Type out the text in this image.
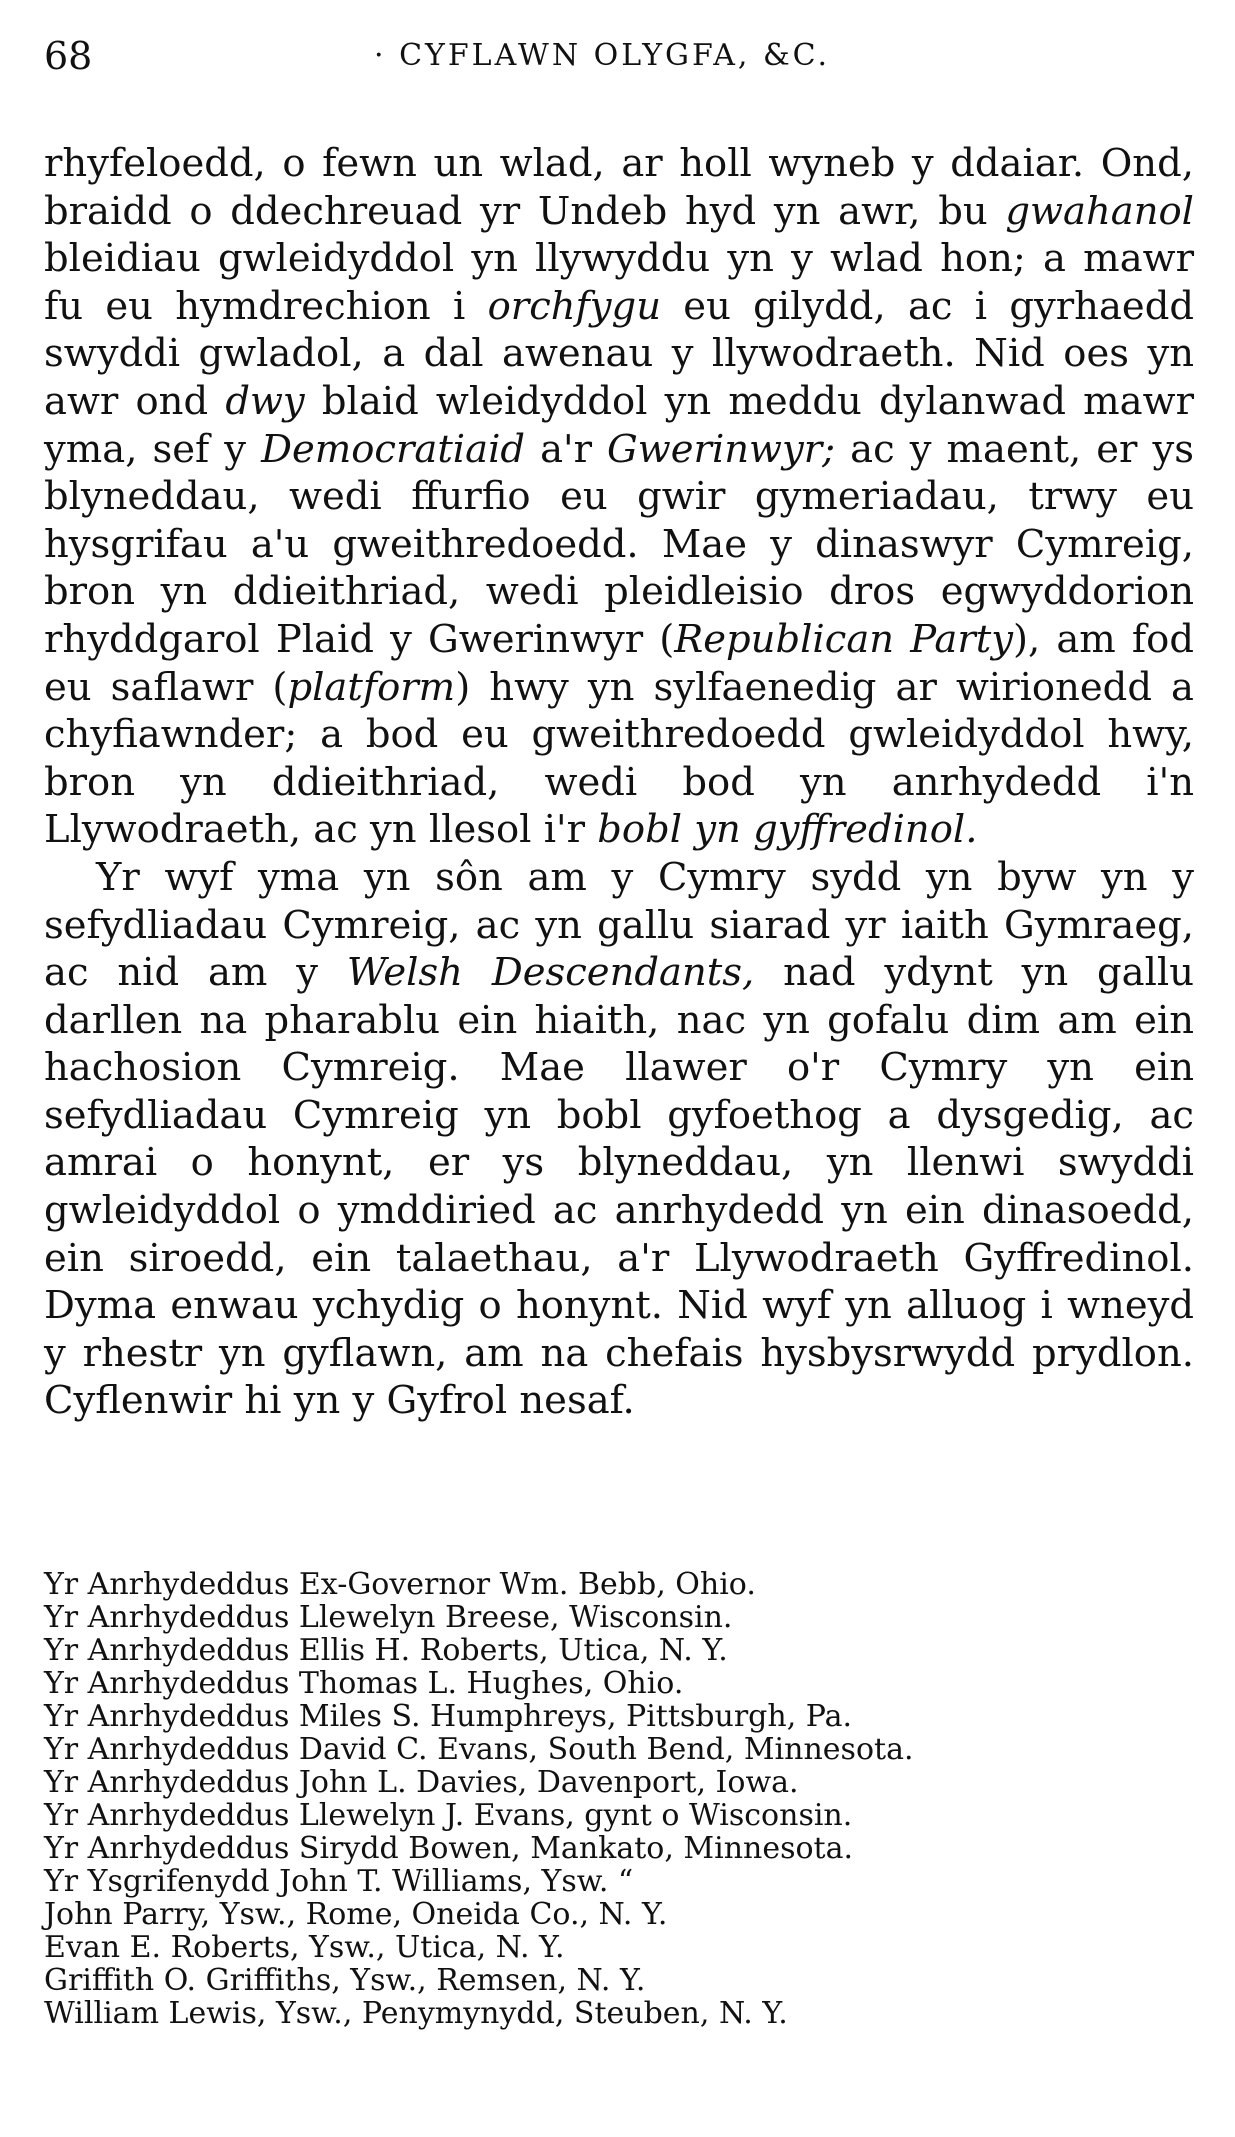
68	· CYFLAWN OLYGFA, &C.

rhyfeloedd, o fewn un wlad, ar holl wyneb y ddaiar. Ond, braidd o ddechreuad yr Undeb hyd yn awr, bu gwahanol bleidiau gwleidyddol yn llywyddu yn y wlad hon; a mawr fu eu hymdrechion i orchfygu eu gilydd, ac i gyrhaedd swyddi gwladol, a dal awenau y llywodraeth. Nid oes yn awr ond dwy blaid wleidyddol yn meddu dylanwad mawr yma, sef y Democratiaid a'r Gwerinwyr; ac y maent, er ys blyneddau, wedi ffurfio eu gwir gymeriadau, trwy eu hysgrifau a'u gweithredoedd. Mae y dinaswyr Cymreig, bron yn ddieithriad, wedi pleidleisio dros egwyddorion rhyddgarol Plaid y Gwerinwyr (Republican Party), am fod eu saflawr (platform) hwy yn sylfaenedig ar wirionedd a chyfiawnder; a bod eu gweithredoedd gwleidyddol hwy, bron yn ddieithriad, wedi bod yn anrhydedd i'n Llywodraeth, ac yn llesol i'r bobl yn gyffredinol.

Yr wyf yma yn sôn am y Cymry sydd yn byw yn y sefydliadau Cymreig, ac yn gallu siarad yr iaith Gymraeg, ac nid am y Welsh Descendants, nad ydynt yn gallu darllen na pharablu ein hiaith, nac yn gofalu dim am ein hachosion Cymreig. Mae llawer o'r Cymry yn ein sefydliadau Cymreig yn bobl gyfoethog a dysgedig, ac amrai o honynt, er ys blyneddau, yn llenwi swyddi gwleidyddol o ymddiried ac anrhydedd yn ein dinasoedd, ein siroedd, ein talaethau, a'r Llywodraeth Gyffredinol. Dyma enwau ychydig o honynt. Nid wyf yn alluog i wneyd y rhestr yn gyflawn, am na chefais hysbysrwydd prydlon. Cyflenwir hi yn y Gyfrol nesaf.

Yr Anrhydeddus Ex-Governor Wm. Bebb, Ohio.
Yr Anrhydeddus Llewelyn Breese, Wisconsin.
Yr Anrhydeddus Ellis H. Roberts, Utica, N. Y.
Yr Anrhydeddus Thomas L. Hughes, Ohio.
Yr Anrhydeddus Miles S. Humphreys, Pittsburgh, Pa.
Yr Anrhydeddus David C. Evans, South Bend, Minnesota.
Yr Anrhydeddus John L. Davies, Davenport, Iowa.
Yr Anrhydeddus Llewelyn J. Evans, gynt o Wisconsin.
Yr Anrhydeddus Sirydd Bowen, Mankato, Minnesota.
Yr Ysgrifenydd John T. Williams, Ysw. “
John Parry, Ysw., Rome, Oneida Co., N. Y.
Evan E. Roberts, Ysw., Utica, N. Y.
Griffith O. Griffiths, Ysw., Remsen, N. Y.
William Lewis, Ysw., Penymynydd, Steuben, N. Y.
